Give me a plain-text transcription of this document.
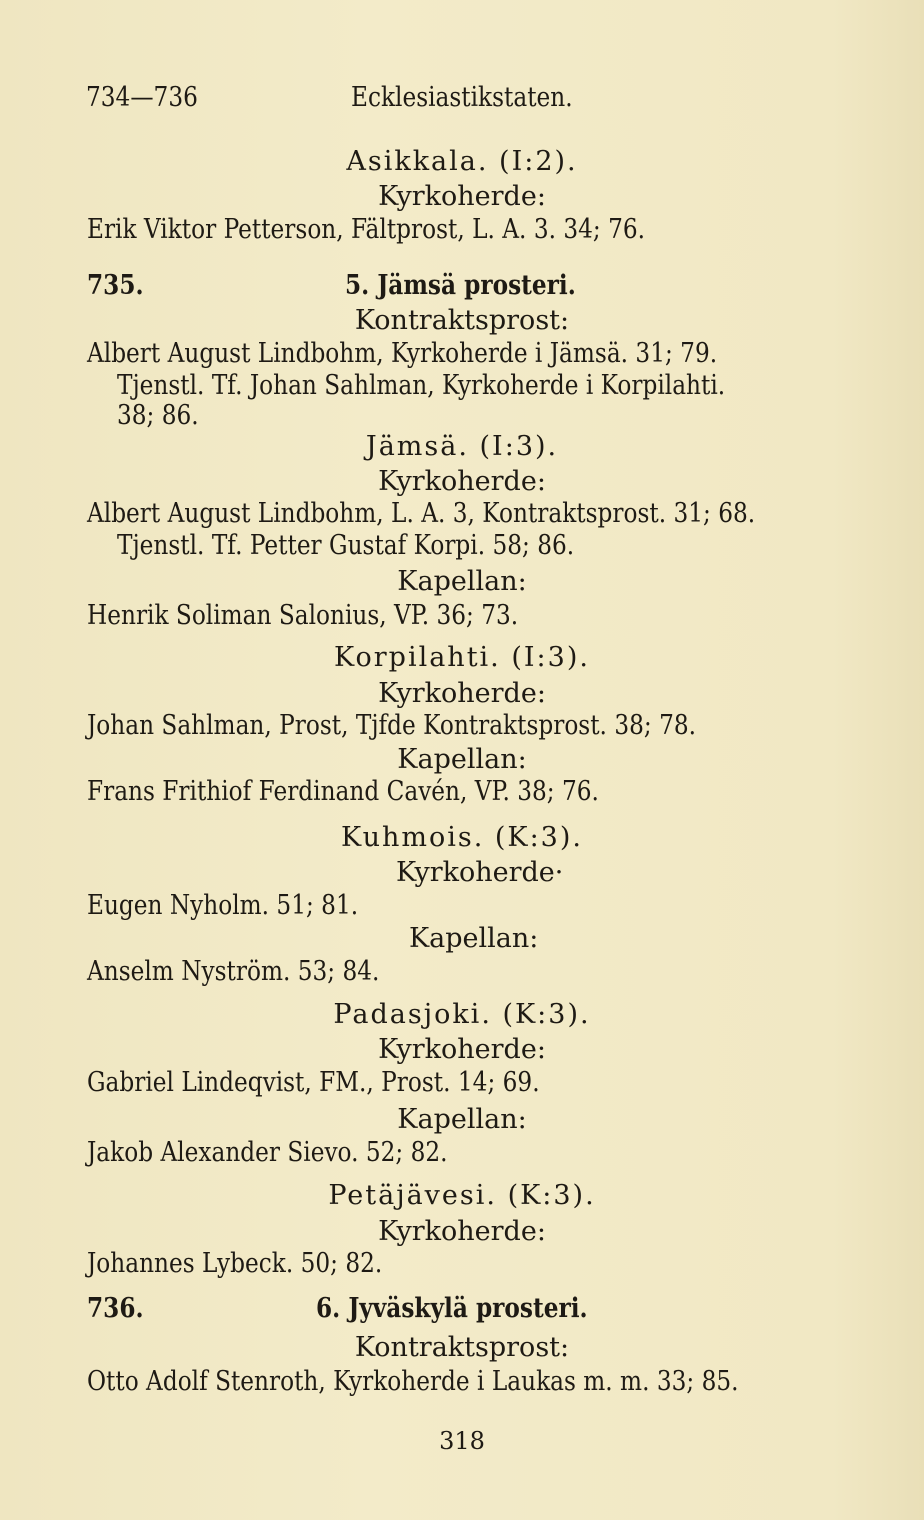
734—736	Ecklesiastikstaten.
Asikkala. (I:2).
Kyrkoherde:
Erik Viktor Petterson, Fältprost, L. A. 3. 34; 76.
735.	5. Jämsä prosteri.
Kontraktsprost:
Albert August Lindbohm, Kyrkoherde i Jämsä. 31; 79.
Tjenstl. Tf. Johan Sahlman, Kyrkoherde i Korpilahti.
38; 86.
Jämsä. (I:3).
Kyrkoherde:
Albert August Lindbohm, L. A. 3, Kontraktsprost. 31; 68.
Tjenstl. Tf. Petter Gustaf Korpi. 58; 86.
Kapellan:
Henrik Soliman Salonius, VP. 36; 73.
Korpilahti. (I:3).
Kyrkoherde:
Johan Sahlman, Prost, Tjfde Kontraktsprost. 38; 78.
Kapellan:
Frans Frithiof Ferdinand Cavén, VP. 38; 76.
Kuhmois. (K:3).
Kyrkoherde·
Eugen Nyholm. 51; 81.
Kapellan:
Anselm Nyström. 53; 84.
Padasjoki. (K:3).
Kyrkoherde:
Gabriel Lindeqvist, FM., Prost. 14; 69.
Kapellan:
Jakob Alexander Sievo. 52; 82.
Petäjävesi. (K:3).
Kyrkoherde:
Johannes Lybeck. 50; 82.
736.	6. Jyväskylä prosteri.
Kontraktsprost:
Otto Adolf Stenroth, Kyrkoherde i Laukas m. m. 33; 85.
318
